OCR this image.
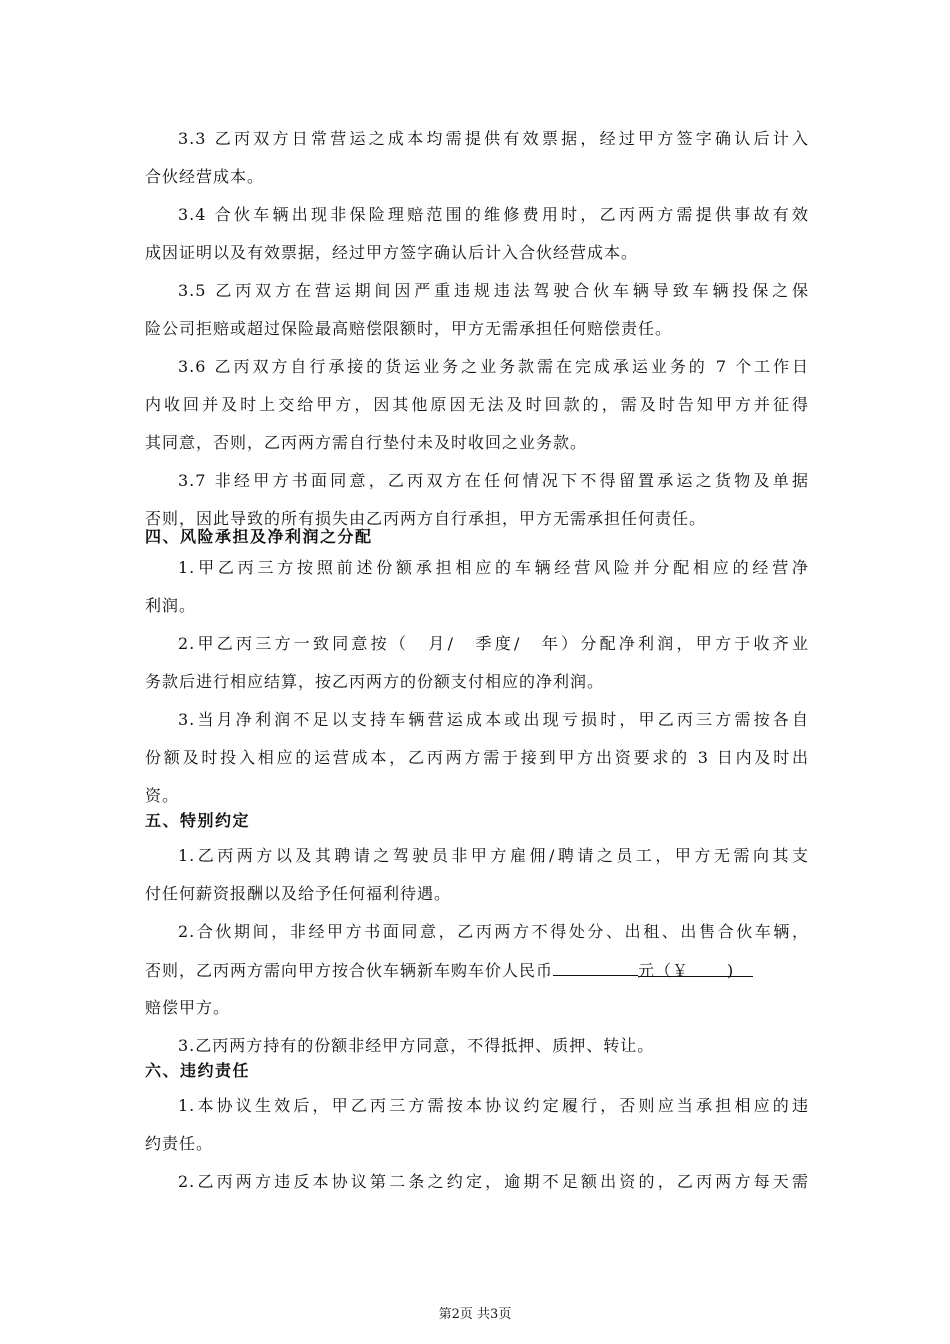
3.3 乙丙双方日常营运之成本均需提供有效票据，经过甲方签字确认后计入
合伙经营成本。
3.4 合伙车辆出现非保险理赔范围的维修费用时，乙丙两方需提供事故有效
成因证明以及有效票据，经过甲方签字确认后计入合伙经营成本。
3.5 乙丙双方在营运期间因严重违规违法驾驶合伙车辆导致车辆投保之保
险公司拒赔或超过保险最高赔偿限额时，甲方无需承担任何赔偿责任。
3.6 乙丙双方自行承接的货运业务之业务款需在完成承运业务的 7 个工作日
内收回并及时上交给甲方，因其他原因无法及时回款的，需及时告知甲方并征得
其同意，否则，乙丙两方需自行垫付未及时收回之业务款。
3.7 非经甲方书面同意，乙丙双方在任何情况下不得留置承运之货物及单据
否则，因此导致的所有损失由乙丙两方自行承担，甲方无需承担任何责任。
四、风险承担及净利润之分配
1.甲乙丙三方按照前述份额承担相应的车辆经营风险并分配相应的经营净
利润。
2.甲乙丙三方一致同意按（　月/　季度/　年）分配净利润，甲方于收齐业
务款后进行相应结算，按乙丙两方的份额支付相应的净利润。
3.当月净利润不足以支持车辆营运成本或出现亏损时，甲乙丙三方需按各自
份额及时投入相应的运营成本，乙丙两方需于接到甲方出资要求的 3 日内及时出
资。
五、特别约定
1.乙丙两方以及其聘请之驾驶员非甲方雇佣/聘请之员工，甲方无需向其支
付任何薪资报酬以及给予任何福利待遇。
2.合伙期间，非经甲方书面同意，乙丙两方不得处分、出租、出售合伙车辆，
否则，乙丙两方需向甲方按合伙车辆新车购车价人民币	元（￥ )
赔偿甲方。
3.乙丙两方持有的份额非经甲方同意，不得抵押、质押、转让。
六、违约责任
1.本协议生效后，甲乙丙三方需按本协议约定履行，否则应当承担相应的违
约责任。
2.乙丙两方违反本协议第二条之约定，逾期不足额出资的，乙丙两方每天需
第2页 共3页
